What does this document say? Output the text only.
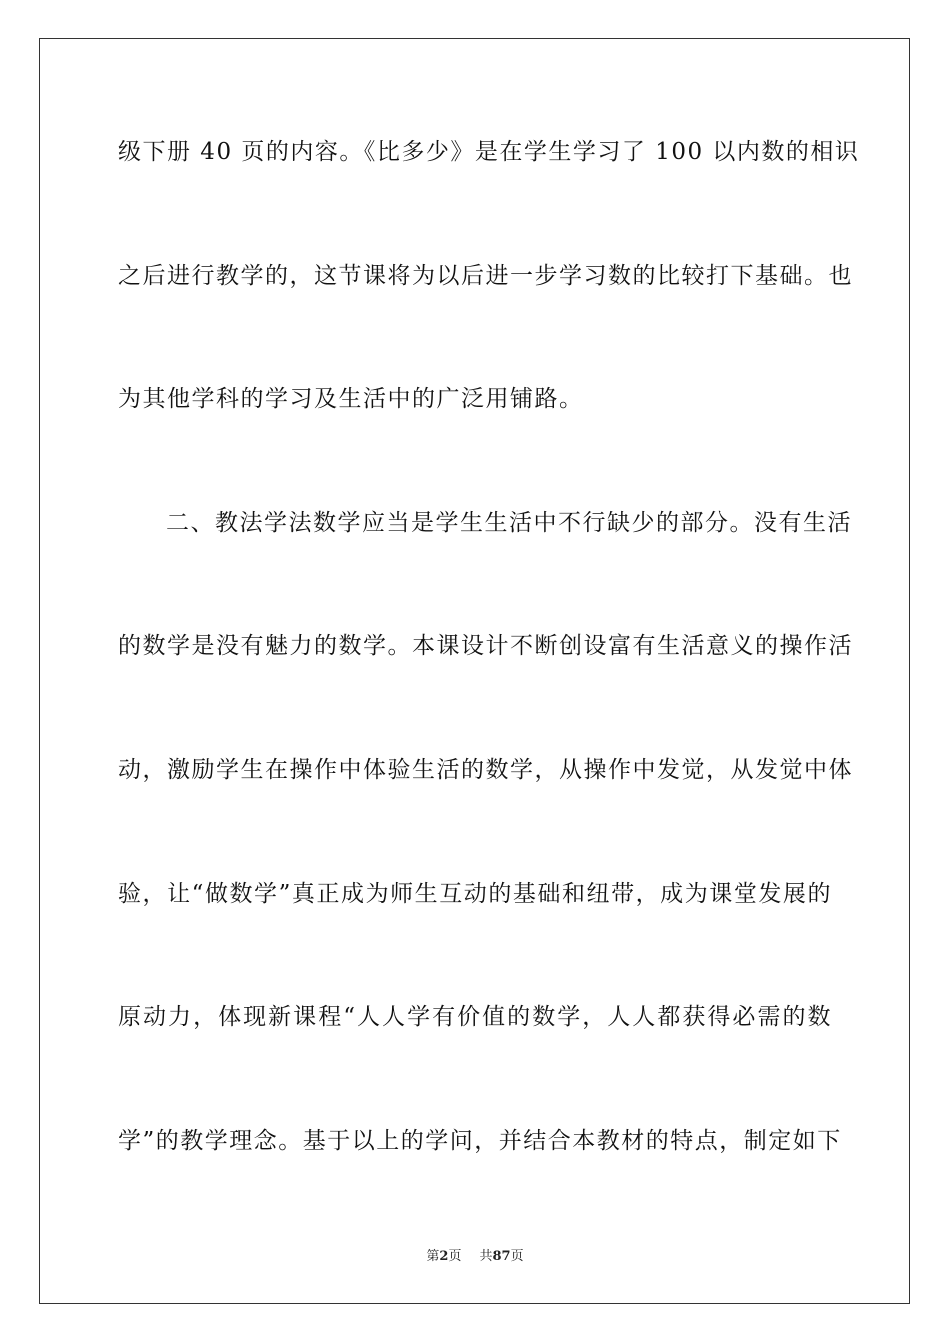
级下册 40 页的内容。《比多少》是在学生学习了 100 以内数的相识
之后进行教学的，这节课将为以后进一步学习数的比较打下基础。也
为其他学科的学习及生活中的广泛用铺路。
二、教法学法数学应当是学生生活中不行缺少的部分。没有生活
的数学是没有魅力的数学。本课设计不断创设富有生活意义的操作活
动，激励学生在操作中体验生活的数学，从操作中发觉，从发觉中体
验，让“做数学”真正成为师生互动的基础和纽带，成为课堂发展的
原动力，体现新课程“人人学有价值的数学，人人都获得必需的数
学”的教学理念。基于以上的学问，并结合本教材的特点，制定如下
第2页 共87页
